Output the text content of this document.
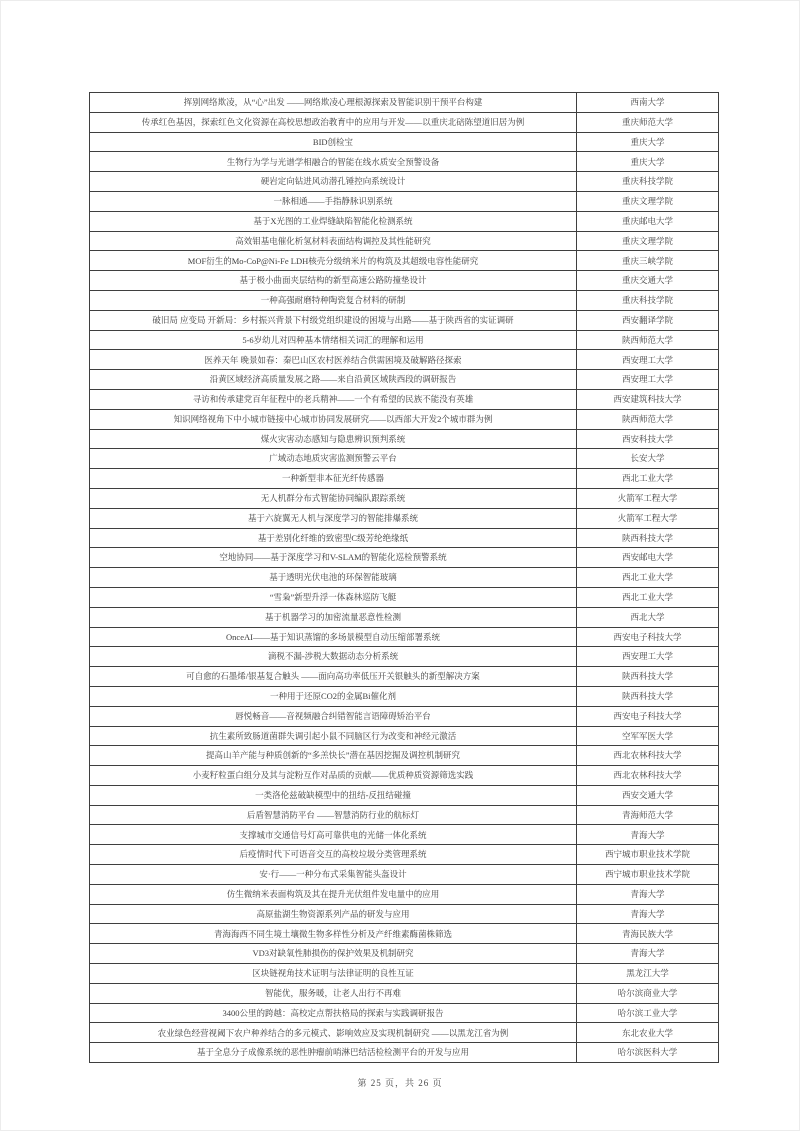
挥别网络欺凌，从“心”出发 ——网络欺凌心理根源探索及智能识别干预平台构建	西南大学
传承红色基因，探索红色文化资源在高校思想政治教育中的应用与开发——以重庆北碚陈望道旧居为例	重庆师范大学
BID创检宝	重庆大学
生物行为学与光谱学相融合的智能在线水质安全预警设备	重庆大学
硬岩定向钻进风动潜孔锤控向系统设计	重庆科技学院
一脉相通——手指静脉识别系统	重庆文理学院
基于X光图的工业焊缝缺陷智能化检测系统	重庆邮电大学
高效钼基电催化析氢材料表面结构调控及其性能研究	重庆文理学院
MOF衍生的Mo-CoP@Ni-Fe LDH核壳分级纳米片的构筑及其超级电容性能研究	重庆三峡学院
基于极小曲面夹层结构的新型高速公路防撞垫设计	重庆交通大学
一种高强耐磨特种陶瓷复合材料的研制	重庆科技学院
破旧局 应变局 开新局：乡村振兴背景下村级党组织建设的困境与出路——基于陕西省的实证调研	西安翻译学院
5-6岁幼儿对四种基本情绪相关词汇的理解和运用	陕西师范大学
医养天年 晚景如春：秦巴山区农村医养结合供需困境及破解路径探索	西安理工大学
沿黄区域经济高质量发展之路——来自沿黄区域陕西段的调研报告	西安理工大学
寻访和传承建党百年征程中的老兵精神——一个有希望的民族不能没有英雄	西安建筑科技大学
知识网络视角下中小城市链接中心城市协同发展研究——以西部大开发2个城市群为例	陕西师范大学
煤火灾害动态感知与隐患辨识预判系统	西安科技大学
广域动态地质灾害监测预警云平台	长安大学
一种新型非本征光纤传感器	西北工业大学
无人机群分布式智能协同编队跟踪系统	火箭军工程大学
基于六旋翼无人机与深度学习的智能排爆系统	火箭军工程大学
基于差别化纤维的致密型C级芳纶绝缘纸	陕西科技大学
空地协同——基于深度学习和V-SLAM的智能化巡检预警系统	西安邮电大学
基于透明光伏电池的环保智能玻璃	西北工业大学
“雪枭”新型升浮一体森林巡防飞艇	西北工业大学
基于机器学习的加密流量恶意性检测	西北大学
OnceAI——基于知识蒸馏的多场景模型自动压缩部署系统	西安电子科技大学
滴税不漏-涉税大数据动态分析系统	西安理工大学
可自愈的石墨烯/银基复合触头 ——面向高功率低压开关银触头的新型解决方案	陕西科技大学
一种用于还原CO2的金属Bi催化剂	陕西科技大学
唇悦畅音——音视频融合纠错智能言语障碍矫治平台	西安电子科技大学
抗生素所致肠道菌群失调引起小鼠不同脑区行为改变和神经元激活	空军军医大学
提高山羊产能与种质创新的“多羔快长”潜在基因挖掘及调控机制研究	西北农林科技大学
小麦籽粒蛋白组分及其与淀粉互作对品质的贡献——优质种质资源筛选实践	西北农林科技大学
一类洛伦兹破缺模型中的扭结-反扭结碰撞	西安交通大学
后盾智慧消防平台 ——智慧消防行业的航标灯	青海师范大学
支撑城市交通信号灯高可靠供电的光储一体化系统	青海大学
后疫情时代下可语音交互的高校垃圾分类管理系统	西宁城市职业技术学院
安·行——一种分布式采集智能头盔设计	西宁城市职业技术学院
仿生微纳米表面构筑及其在提升光伏组件发电量中的应用	青海大学
高原盐湖生物资源系列产品的研发与应用	青海大学
青海海西不同生境土壤微生物多样性分析及产纤维素酶菌株筛选	青海民族大学
VD3对缺氧性肺损伤的保护效果及机制研究	青海大学
区块链视角技术证明与法律证明的良性互证	黑龙江大学
智能优，服务暖，让老人出行不再难	哈尔滨商业大学
3400公里的跨越：高校定点帮扶格局的探索与实践调研报告	哈尔滨工业大学
农业绿色经营视阈下农户种养结合的多元模式、影响效应及实现机制研究 ——以黑龙江省为例	东北农业大学
基于全息分子成像系统的恶性肿瘤前哨淋巴结活检检测平台的开发与应用	哈尔滨医科大学
第 25 页，共 26 页
